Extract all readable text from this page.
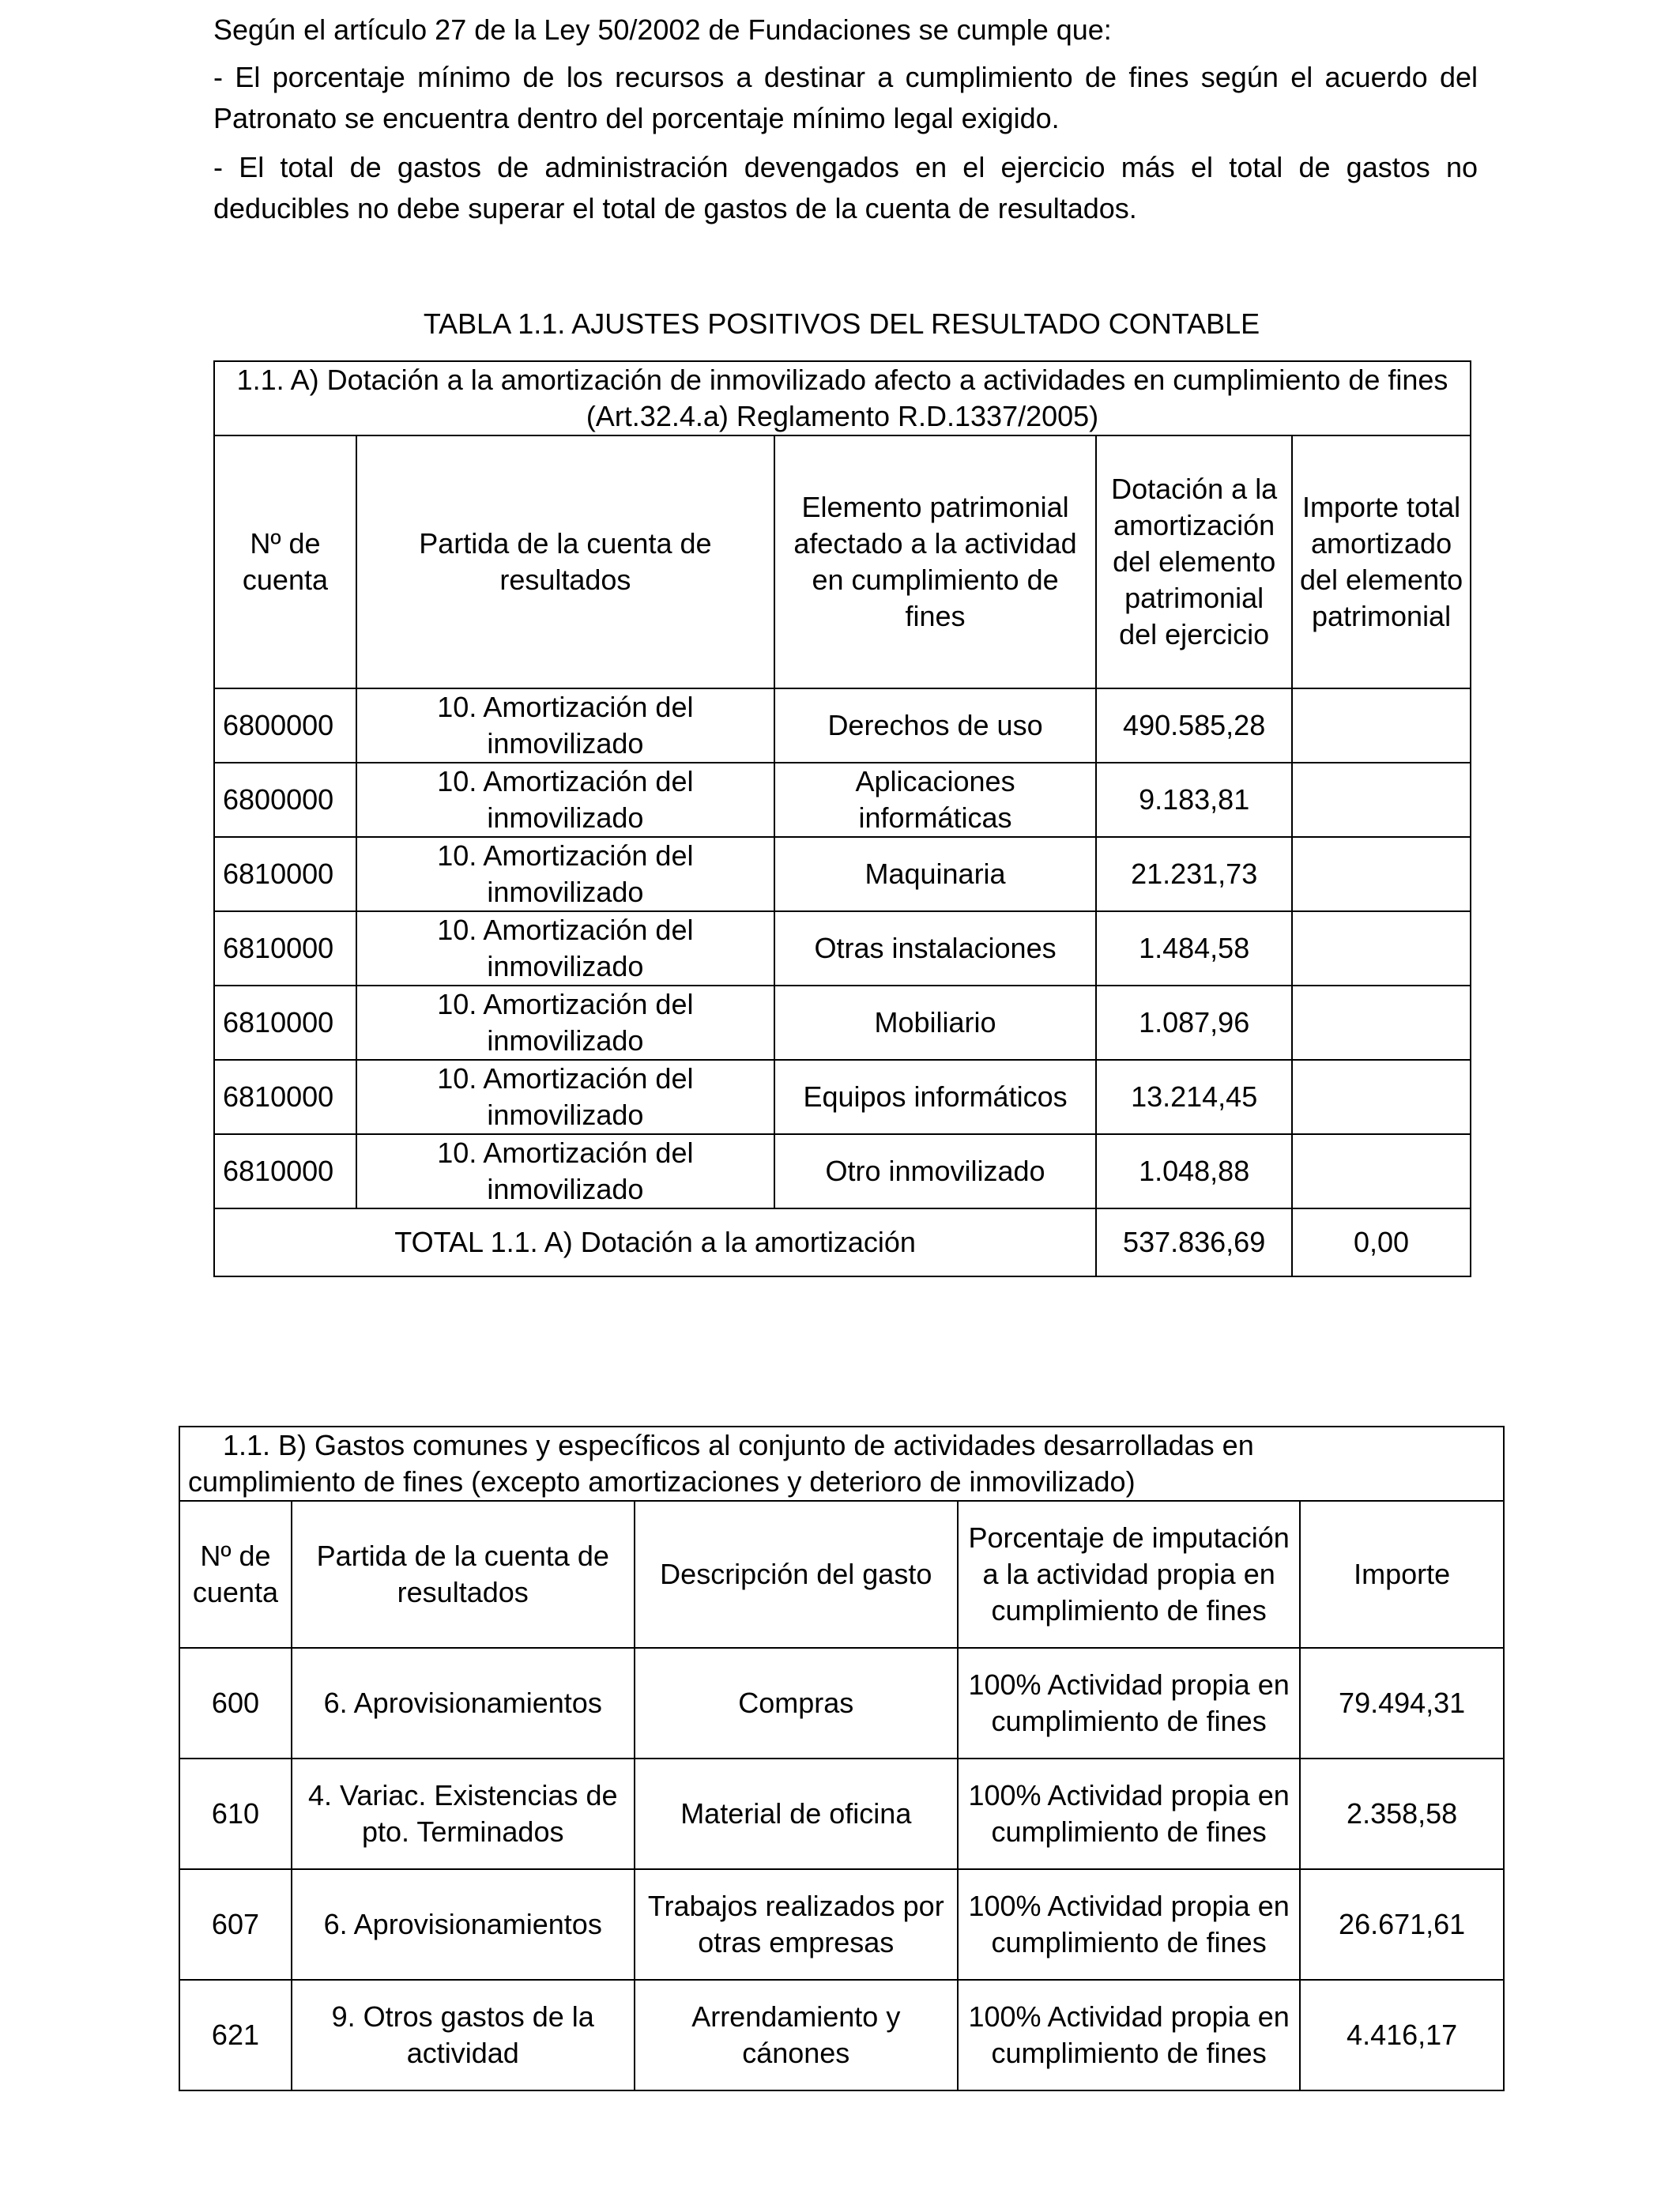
Según el artículo 27 de la Ley 50/2002 de Fundaciones se cumple que:

- El porcentaje mínimo de los recursos a destinar a cumplimiento de fines según el acuerdo del Patronato se encuentra dentro del porcentaje mínimo legal exigido.

- El total de gastos de administración devengados en el ejercicio más el total de gastos no deducibles no debe superar el total de gastos de la cuenta de resultados.

TABLA 1.1. AJUSTES POSITIVOS DEL RESULTADO CONTABLE
1.1. A) Dotación a la amortización de inmovilizado afecto a actividades en cumplimiento de fines (Art.32.4.a) Reglamento R.D.1337/2005)				
Nº de cuenta	Partida de la cuenta de resultados	Elemento patrimonial afectado a la actividad en cumplimiento de fines	Dotación a la amortización del elemento patrimonial del ejercicio	Importe total amortizado del elemento patrimonial
6800000	10. Amortización del inmovilizado	Derechos de uso	490.585,28	
6800000	10. Amortización del inmovilizado	Aplicaciones informáticas	9.183,81	
6810000	10. Amortización del inmovilizado	Maquinaria	21.231,73	
6810000	10. Amortización del inmovilizado	Otras instalaciones	1.484,58	
6810000	10. Amortización del inmovilizado	Mobiliario	1.087,96	
6810000	10. Amortización del inmovilizado	Equipos informáticos	13.214,45	
6810000	10. Amortización del inmovilizado	Otro inmovilizado	1.048,88	
TOTAL 1.1. A) Dotación a la amortización			537.836,69	0,00
1.1. B) Gastos comunes y específicos al conjunto de actividades desarrolladas en
cumplimiento de fines (excepto amortizaciones y deterioro de inmovilizado)				

Nº de cuenta	Partida de la cuenta de resultados	Descripción del gasto	Porcentaje de imputación a la actividad propia en cumplimiento de fines	Importe
600	6. Aprovisionamientos	Compras	100% Actividad propia en cumplimiento de fines	79.494,31
610	4. Variac. Existencias de pto. Terminados	Material de oficina	100% Actividad propia en cumplimiento de fines	2.358,58
607	6. Aprovisionamientos	Trabajos realizados por otras empresas	100% Actividad propia en cumplimiento de fines	26.671,61
621	9. Otros gastos de la actividad	Arrendamiento y cánones	100% Actividad propia en cumplimiento de fines	4.416,17
